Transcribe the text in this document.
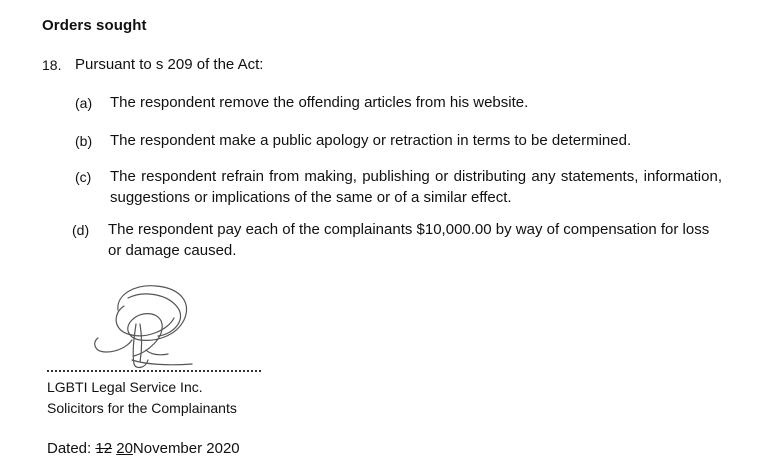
Orders sought
18. Pursuant to s 209 of the Act:
(a) The respondent remove the offending articles from his website.
(b) The respondent make a public apology or retraction in terms to be determined.
(c) The respondent refrain from making, publishing or distributing any statements, information, suggestions or implications of the same or of a similar effect.
(d) The respondent pay each of the complainants $10,000.00 by way of compensation for loss or damage caused.
LGBTI Legal Service Inc.
Solicitors for the Complainants
Dated: 12 20November 2020
